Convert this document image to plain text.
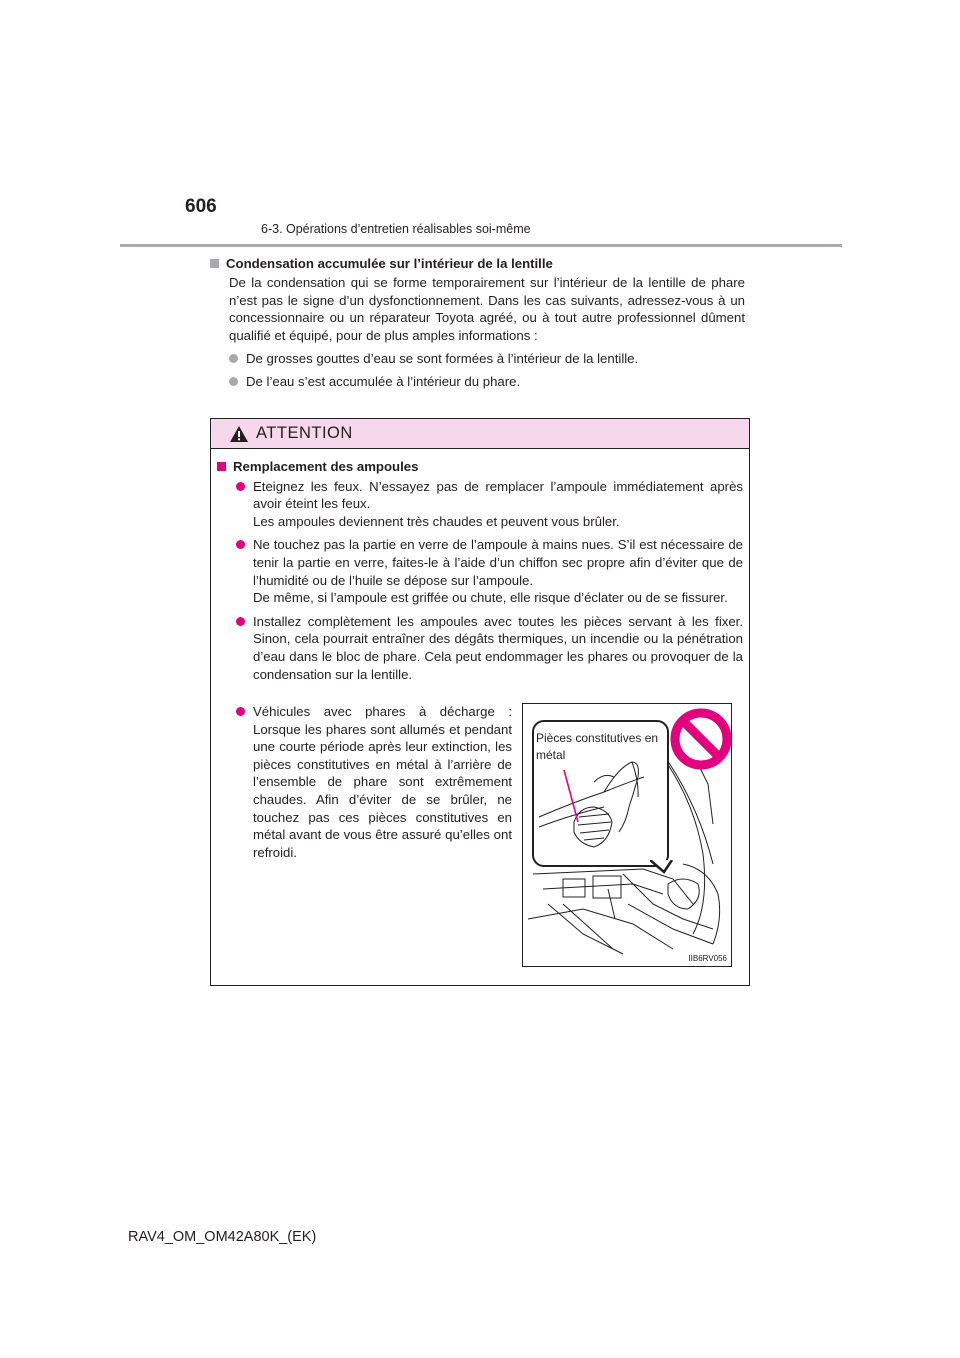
606
6-3. Opérations d’entretien réalisables soi-même
Condensation accumulée sur l’intérieur de la lentille

De la condensation qui se forme temporairement sur l’intérieur de la lentille de phare n’est pas le signe d’un dysfonctionnement. Dans les cas suivants, adressez-vous à un concessionnaire ou un réparateur Toyota agréé, ou à tout autre professionnel dûment qualifié et équipé, pour de plus amples informations :

De grosses gouttes d’eau se sont formées à l’intérieur de la lentille.
De l’eau s’est accumulée à l’intérieur du phare.
ATTENTION
Remplacement des ampoules
Eteignez les feux. N’essayez pas de remplacer l’ampoule immédiatement après avoir éteint les feux.
Les ampoules deviennent très chaudes et peuvent vous brûler.
Ne touchez pas la partie en verre de l’ampoule à mains nues. S’il est nécessaire de tenir la partie en verre, faites-le à l’aide d’un chiffon sec propre afin d’éviter que de l’humidité ou de l’huile se dépose sur l’ampoule.
De même, si l’ampoule est griffée ou chute, elle risque d’éclater ou de se fissurer.
Installez complètement les ampoules avec toutes les pièces servant à les fixer. Sinon, cela pourrait entraîner des dégâts thermiques, un incendie ou la pénétration d’eau dans le bloc de phare. Cela peut endommager les phares ou provoquer de la condensation sur la lentille.
Véhicules avec phares à décharge : Lorsque les phares sont allumés et pendant une courte période après leur extinction, les pièces constitutives en métal à l’arrière de l’ensemble de phare sont extrêmement chaudes. Afin d’éviter de se brûler, ne touchez pas ces pièces constitutives en métal avant de vous être assuré qu’elles ont refroidi.
Pièces constitutives en métal
IIB6RV056
RAV4_OM_OM42A80K_(EK)
